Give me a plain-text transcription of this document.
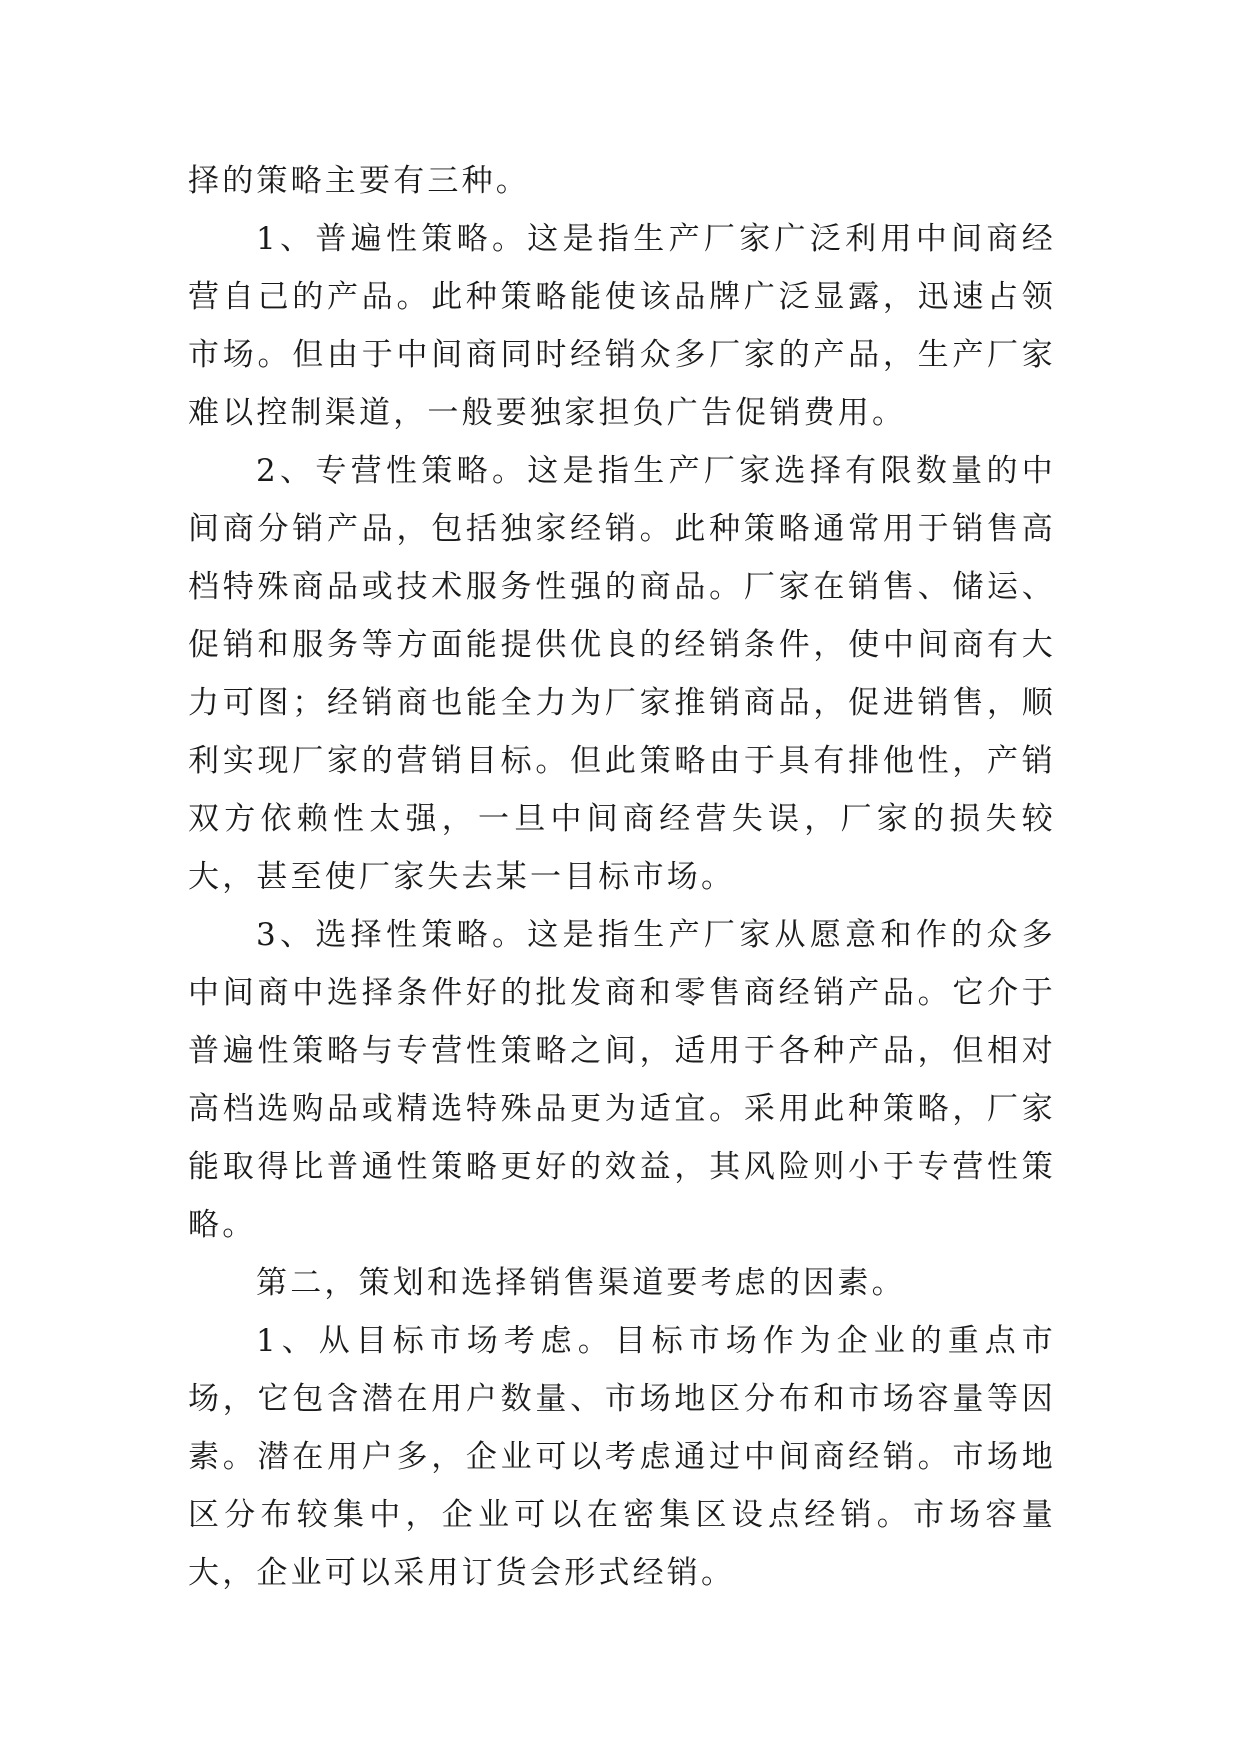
择的策略主要有三种。

1、普遍性策略。这是指生产厂家广泛利用中间商经营自己的产品。此种策略能使该品牌广泛显露，迅速占领市场。但由于中间商同时经销众多厂家的产品，生产厂家难以控制渠道，一般要独家担负广告促销费用。

2、专营性策略。这是指生产厂家选择有限数量的中间商分销产品，包括独家经销。此种策略通常用于销售高档特殊商品或技术服务性强的商品。厂家在销售、储运、促销和服务等方面能提供优良的经销条件，使中间商有大力可图；经销商也能全力为厂家推销商品，促进销售，顺利实现厂家的营销目标。但此策略由于具有排他性，产销双方依赖性太强，一旦中间商经营失误，厂家的损失较大，甚至使厂家失去某一目标市场。

3、选择性策略。这是指生产厂家从愿意和作的众多中间商中选择条件好的批发商和零售商经销产品。它介于普遍性策略与专营性策略之间，适用于各种产品，但相对高档选购品或精选特殊品更为适宜。采用此种策略，厂家能取得比普通性策略更好的效益，其风险则小于专营性策略。

第二，策划和选择销售渠道要考虑的因素。

1、从目标市场考虑。目标市场作为企业的重点市场，它包含潜在用户数量、市场地区分布和市场容量等因素。潜在用户多，企业可以考虑通过中间商经销。市场地区分布较集中，企业可以在密集区设点经销。市场容量大，企业可以采用订货会形式经销。
